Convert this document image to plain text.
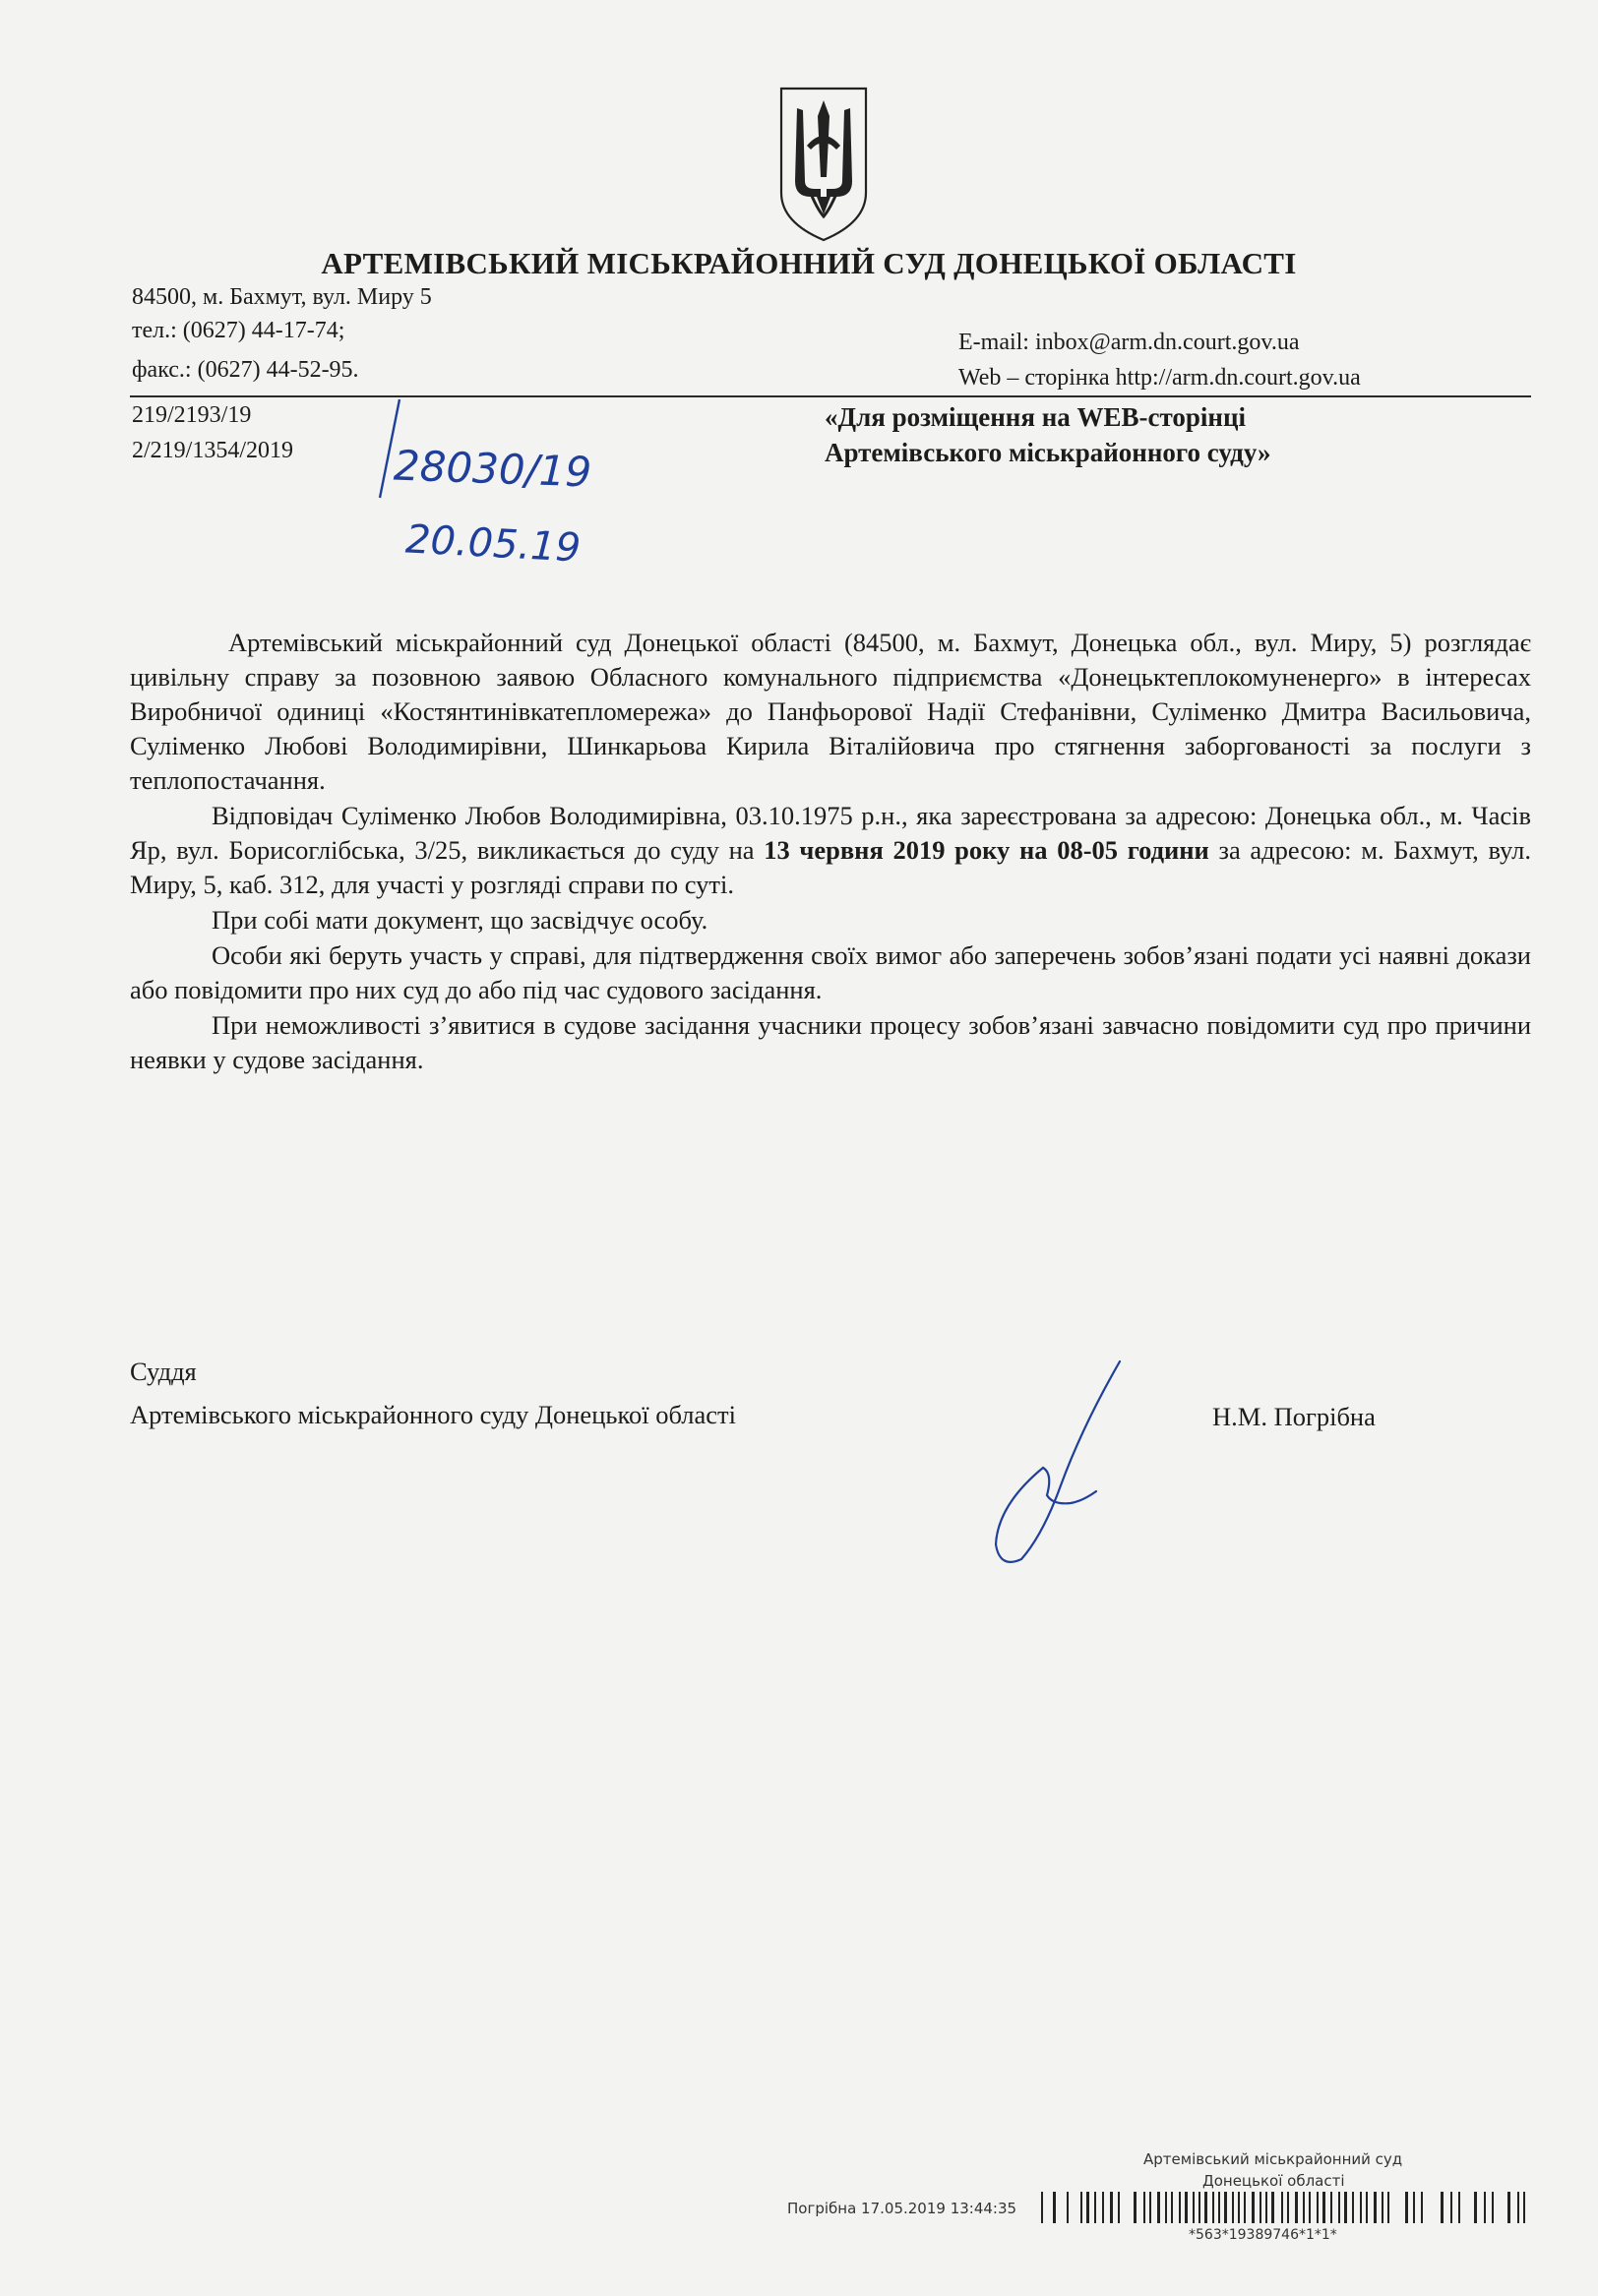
АРТЕМІВСЬКИЙ МІСЬКРАЙОННИЙ СУД ДОНЕЦЬКОЇ ОБЛАСТІ
84500, м. Бахмут, вул. Миру 5
тел.: (0627) 44-17-74;
факс.: (0627) 44-52-95.
E-mail: inbox@arm.dn.court.gov.ua
Web – сторінка http://arm.dn.court.gov.ua
219/2193/19
2/219/1354/2019 28030/19
20.05.19
«Для розміщення на WEB-сторінці
Артемівського міськрайонного суду»

Артемівський міськрайонний суд Донецької області (84500, м. Бахмут, Донецька обл., вул. Миру, 5) розглядає цивільну справу за позовною заявою Обласного комунального підприємства «Донецьктеплокомуненерго» в інтересах Виробничої одиниці «Костянтинівкатепломережа» до Панфьорової Надії Стефанівни, Суліменко Дмитра Васильовича, Суліменко Любові Володимирівни, Шинкарьова Кирила Віталійовича про стягнення заборгованості за послуги з теплопостачання.

Відповідач Суліменко Любов Володимирівна, 03.10.1975 р.н., яка зареєстрована за адресою: Донецька обл., м. Часів Яр, вул. Борисоглібська, 3/25, викликається до суду на 13 червня 2019 року на 08-05 години за адресою: м. Бахмут, вул. Миру, 5, каб. 312, для участі у розгляді справи по суті.

При собі мати документ, що засвідчує особу.

Особи які беруть участь у справі, для підтвердження своїх вимог або заперечень зобов’язані подати усі наявні докази або повідомити про них суд до або під час судового засідання.

При неможливості з’явитися в судове засідання учасники процесу зобов’язані завчасно повідомити суд про причини неявки у судове засідання.

Суддя
Артемівського міськрайонного суду Донецької області	Н.М. Погрібна
Артемівський міськрайонний суд
Донецької області
Погрібна 17.05.2019 13:44:35
*563*19389746*1*1*
